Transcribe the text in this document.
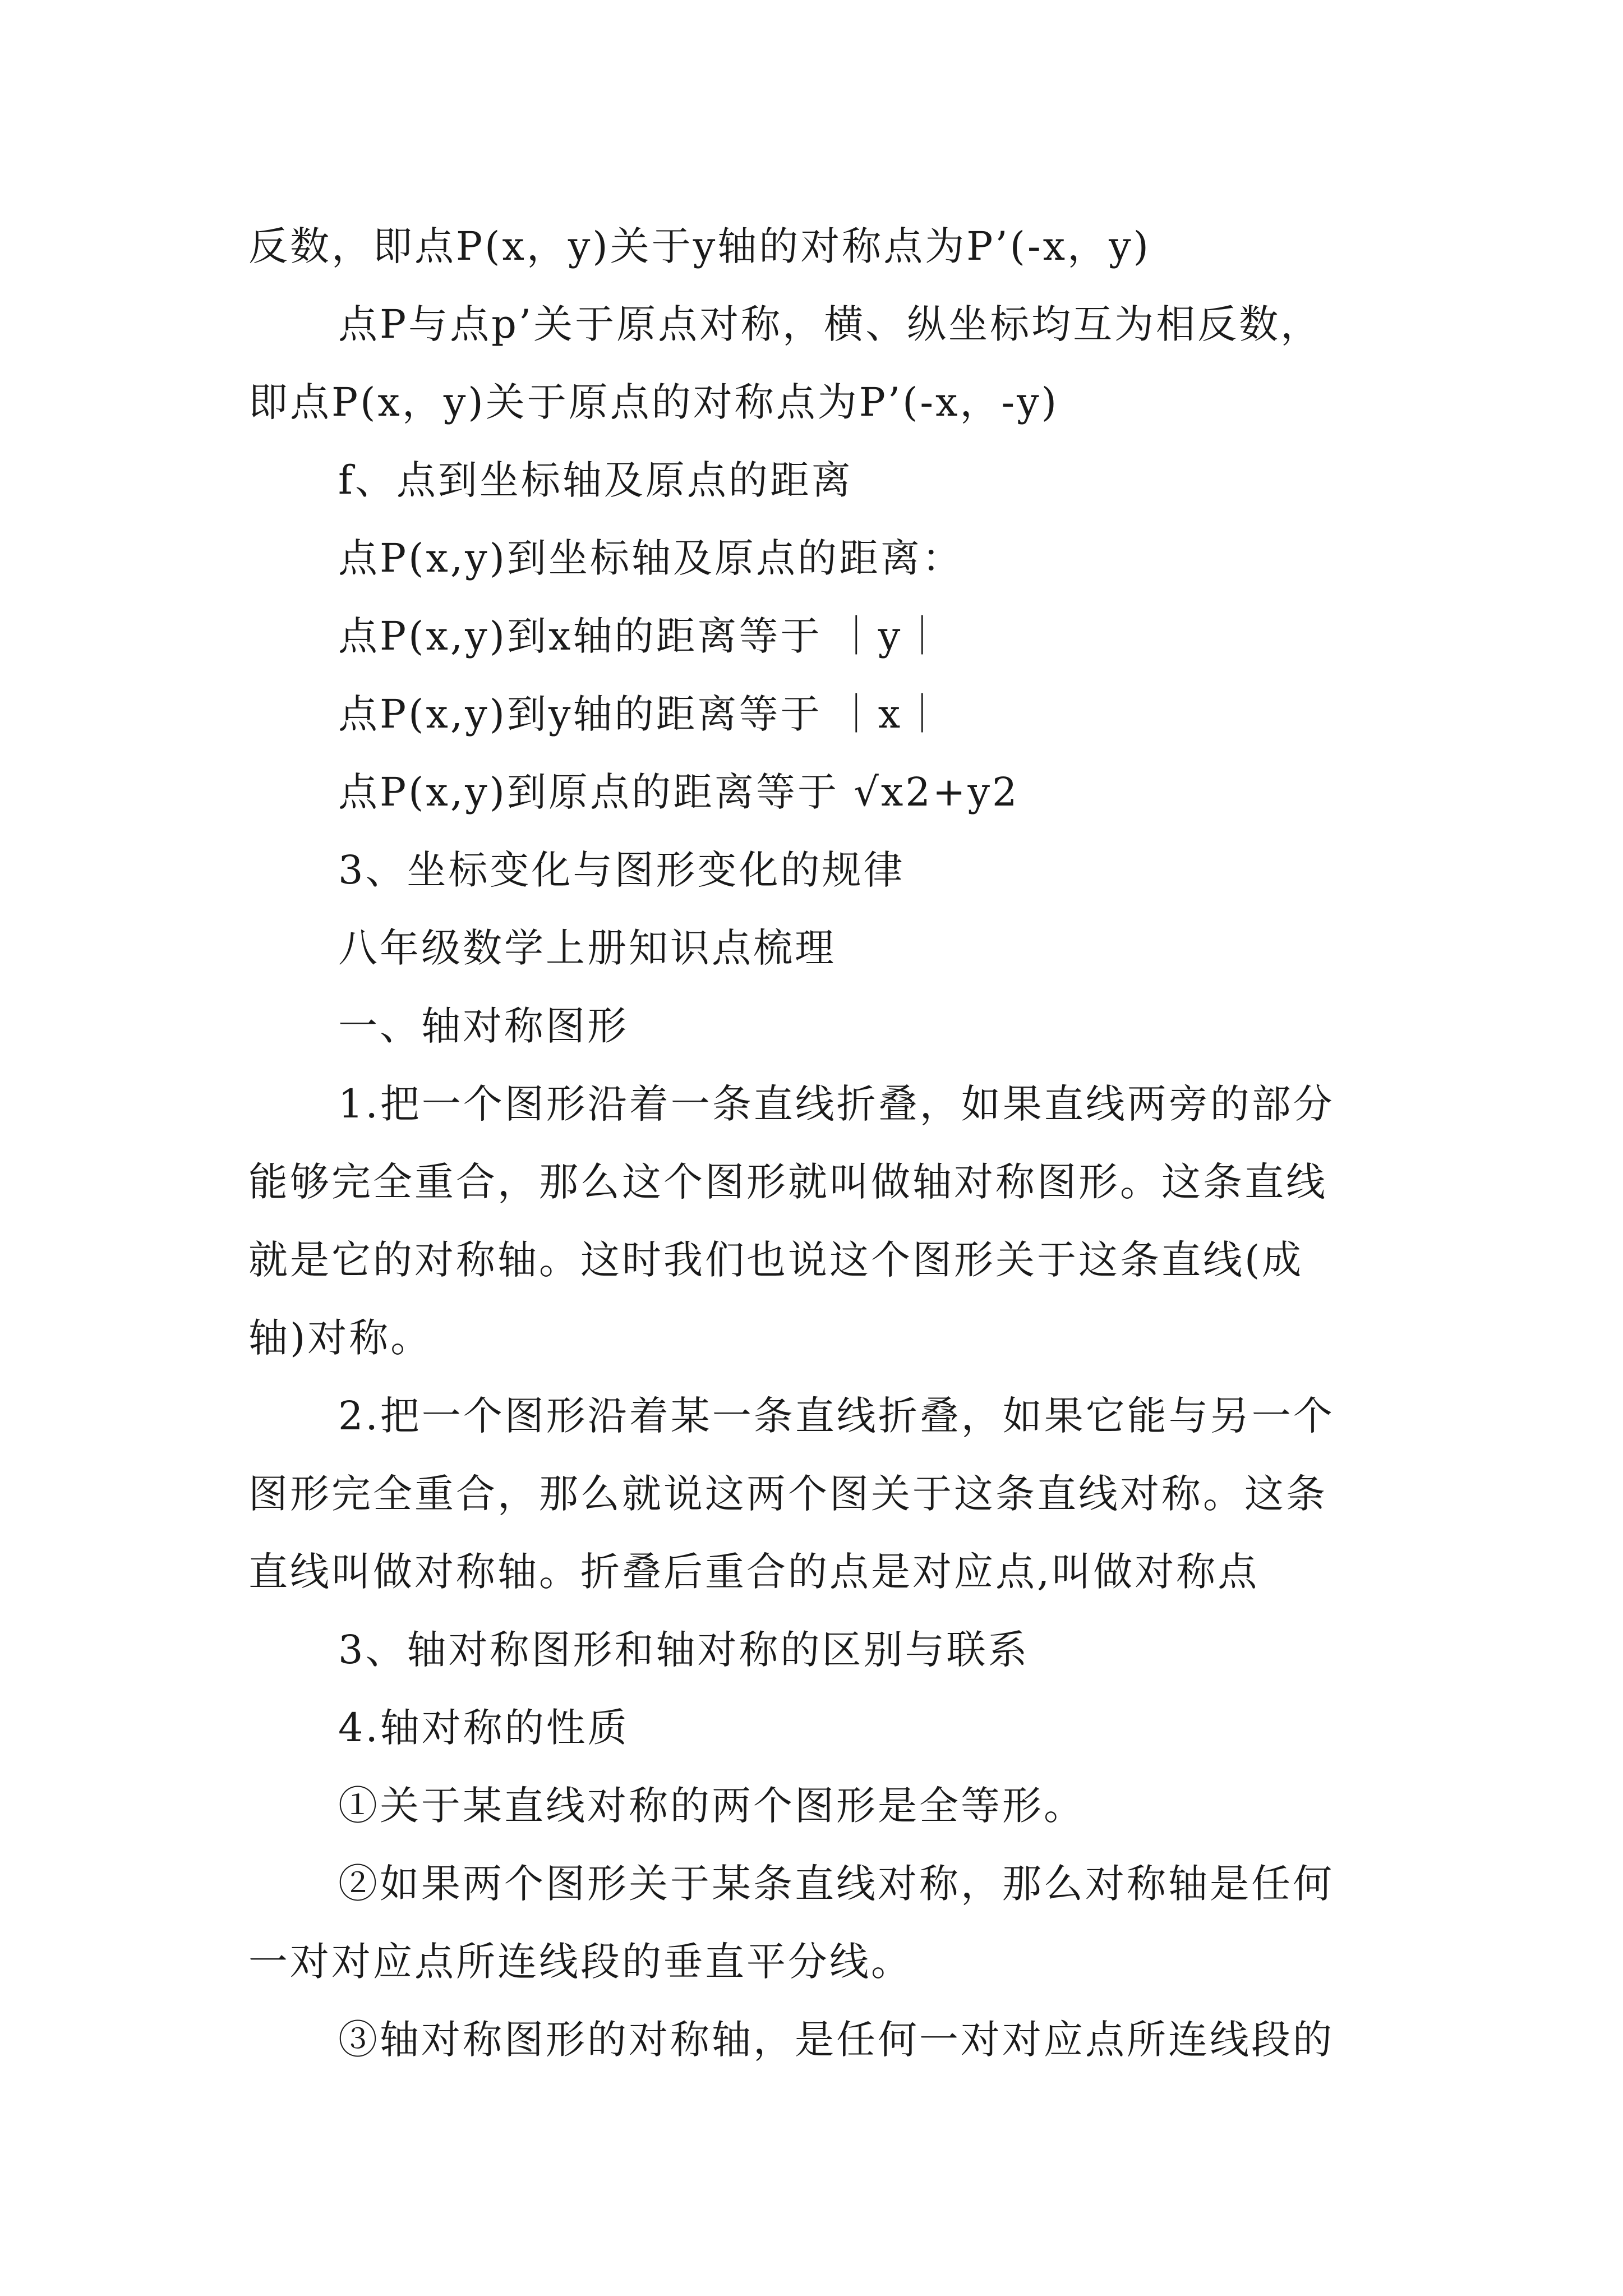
反数，即点P(x，y)关于y轴的对称点为P’(-x，y)
点P与点p’关于原点对称，横、纵坐标均互为相反数，
即点P(x，y)关于原点的对称点为P’(-x，-y)
f、点到坐标轴及原点的距离
点P(x,y)到坐标轴及原点的距离：
点P(x,y)到x轴的距离等于 ｜y｜
点P(x,y)到y轴的距离等于 ｜x｜
点P(x,y)到原点的距离等于 √x2+y2
3、坐标变化与图形变化的规律
八年级数学上册知识点梳理
一、轴对称图形
1.把一个图形沿着一条直线折叠，如果直线两旁的部分
能够完全重合，那么这个图形就叫做轴对称图形。这条直线
就是它的对称轴。这时我们也说这个图形关于这条直线(成
轴)对称。
2.把一个图形沿着某一条直线折叠，如果它能与另一个
图形完全重合，那么就说这两个图关于这条直线对称。这条
直线叫做对称轴。折叠后重合的点是对应点,叫做对称点
3、轴对称图形和轴对称的区别与联系
4.轴对称的性质
①关于某直线对称的两个图形是全等形。
②如果两个图形关于某条直线对称，那么对称轴是任何
一对对应点所连线段的垂直平分线。
③轴对称图形的对称轴，是任何一对对应点所连线段的
